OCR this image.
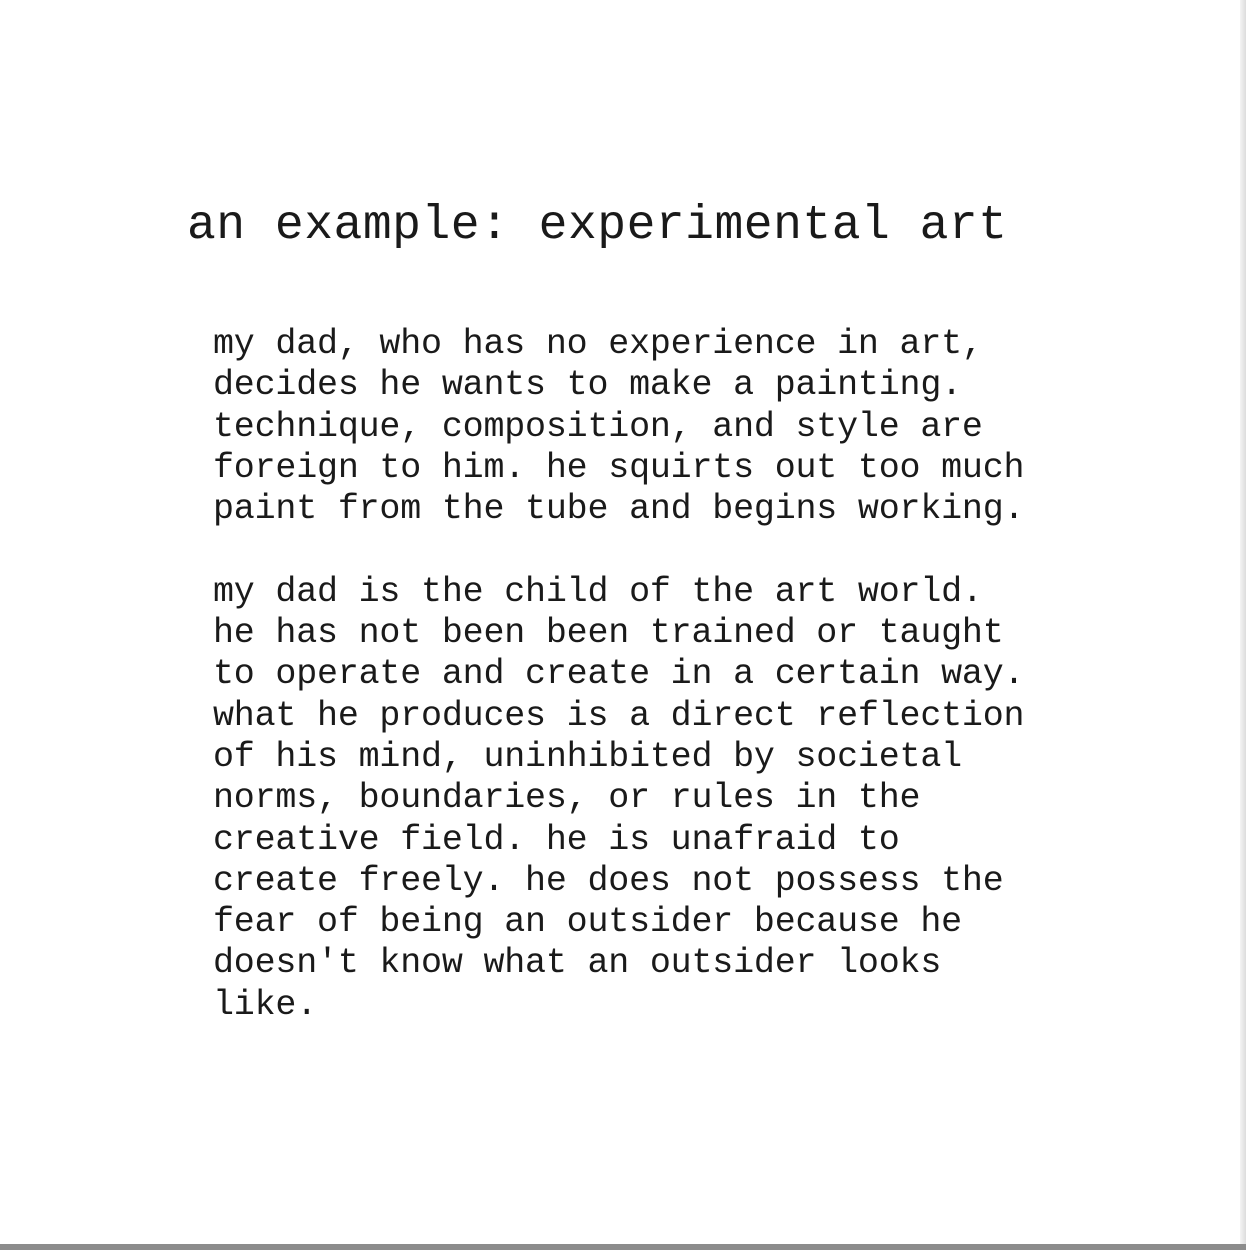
an example: experimental art

my dad, who has no experience in art,
decides he wants to make a painting.
technique, composition, and style are
foreign to him. he squirts out too much
paint from the tube and begins working.

my dad is the child of the art world.
he has not been been trained or taught
to operate and create in a certain way.
what he produces is a direct reflection
of his mind, uninhibited by societal
norms, boundaries, or rules in the
creative field. he is unafraid to
create freely. he does not possess the
fear of being an outsider because he
doesn't know what an outsider looks
like.
